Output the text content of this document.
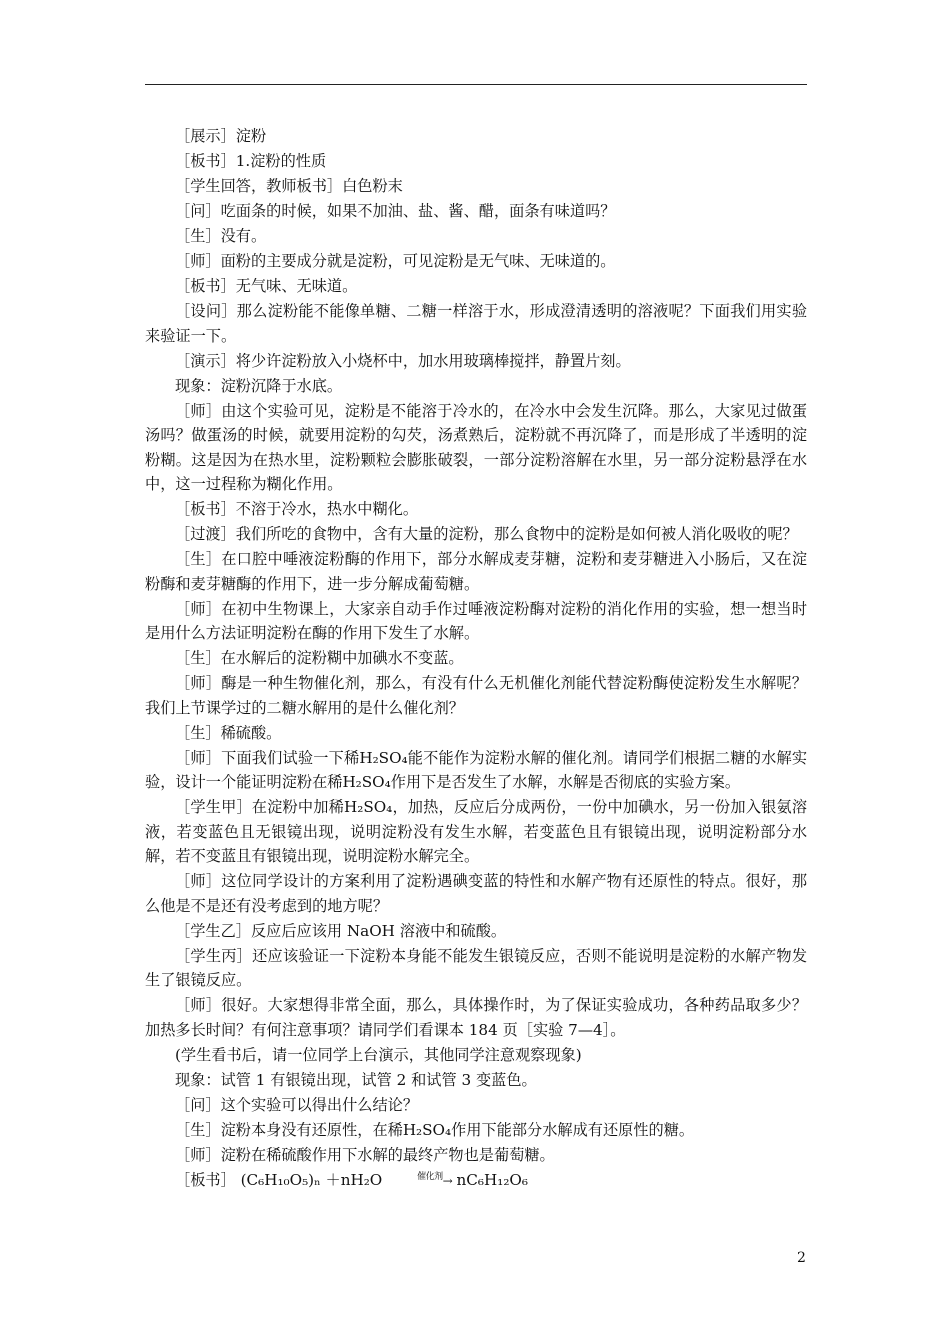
［展示］淀粉

［板书］1.淀粉的性质

［学生回答，教师板书］白色粉末

［问］吃面条的时候，如果不加油、盐、酱、醋，面条有味道吗？

［生］没有。

［师］面粉的主要成分就是淀粉，可见淀粉是无气味、无味道的。

［板书］无气味、无味道。

［设问］那么淀粉能不能像单糖、二糖一样溶于水，形成澄清透明的溶液呢？下面我们用实验来验证一下。

［演示］将少许淀粉放入小烧杯中，加水用玻璃棒搅拌，静置片刻。

现象：淀粉沉降于水底。

［师］由这个实验可见，淀粉是不能溶于冷水的，在冷水中会发生沉降。那么，大家见过做蛋汤吗？做蛋汤的时候，就要用淀粉的勾芡，汤煮熟后，淀粉就不再沉降了，而是形成了半透明的淀粉糊。这是因为在热水里，淀粉颗粒会膨胀破裂，一部分淀粉溶解在水里，另一部分淀粉悬浮在水中，这一过程称为糊化作用。

［板书］不溶于冷水，热水中糊化。

［过渡］我们所吃的食物中，含有大量的淀粉，那么食物中的淀粉是如何被人消化吸收的呢？

［生］在口腔中唾液淀粉酶的作用下，部分水解成麦芽糖，淀粉和麦芽糖进入小肠后，又在淀粉酶和麦芽糖酶的作用下，进一步分解成葡萄糖。

［师］在初中生物课上，大家亲自动手作过唾液淀粉酶对淀粉的消化作用的实验，想一想当时是用什么方法证明淀粉在酶的作用下发生了水解。

［生］在水解后的淀粉糊中加碘水不变蓝。

［师］酶是一种生物催化剂，那么，有没有什么无机催化剂能代替淀粉酶使淀粉发生水解呢？我们上节课学过的二糖水解用的是什么催化剂？

［生］稀硫酸。

［师］下面我们试验一下稀H₂SO₄能不能作为淀粉水解的催化剂。请同学们根据二糖的水解实验，设计一个能证明淀粉在稀H₂SO₄作用下是否发生了水解，水解是否彻底的实验方案。

［学生甲］在淀粉中加稀H₂SO₄，加热，反应后分成两份，一份中加碘水，另一份加入银氨溶液，若变蓝色且无银镜出现，说明淀粉没有发生水解，若变蓝色且有银镜出现，说明淀粉部分水解，若不变蓝且有银镜出现，说明淀粉水解完全。

［师］这位同学设计的方案利用了淀粉遇碘变蓝的特性和水解产物有还原性的特点。很好，那么他是不是还有没考虑到的地方呢？

［学生乙］反应后应该用 NaOH 溶液中和硫酸。

［学生丙］还应该验证一下淀粉本身能不能发生银镜反应，否则不能说明是淀粉的水解产物发生了银镜反应。

［师］很好。大家想得非常全面，那么，具体操作时，为了保证实验成功，各种药品取多少？加热多长时间？有何注意事项？请同学们看课本 184 页［实验 7—4］。

(学生看书后，请一位同学上台演示，其他同学注意观察现象)

现象：试管 1 有银镜出现，试管 2 和试管 3 变蓝色。

［问］这个实验可以得出什么结论？

［生］淀粉本身没有还原性，在稀H₂SO₄作用下能部分水解成有还原性的糖。

［师］淀粉在稀硫酸作用下水解的最终产物也是葡萄糖。

［板书］ (C₆H₁₀O₅)ₙ ＋nH₂O	$^{催化剂}$→ nC₆H₁₂O₆

2
